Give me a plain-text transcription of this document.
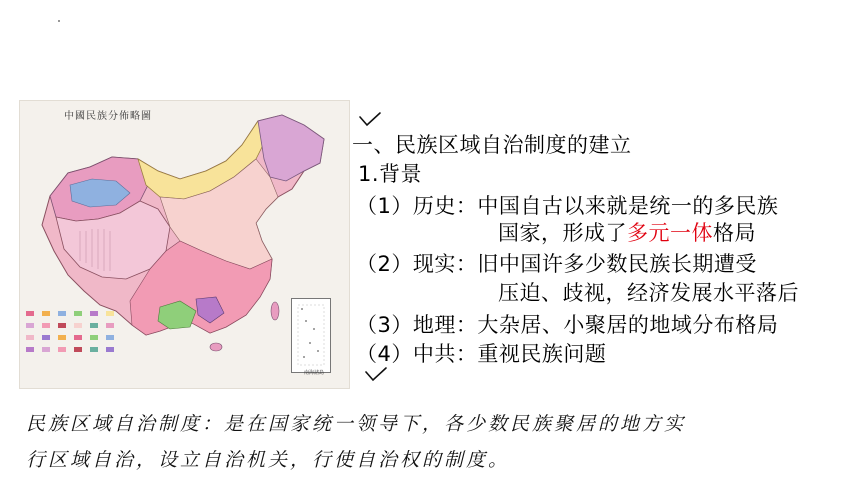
中國民族分佈略圖
南海諸島
一、民族区域自治制度的建立
1.背景
（1）历史：中国自古以来就是统一的多民族
国家，形成了多元一体格局
（2）现实：旧中国许多少数民族长期遭受
压迫、歧视，经济发展水平落后
（3）地理：大杂居、小聚居的地域分布格局
（4）中共：重视民族问题
民族区域自治制度：是在国家统一领导下，各少数民族聚居的地方实
行区域自治，设立自治机关，行使自治权的制度。
